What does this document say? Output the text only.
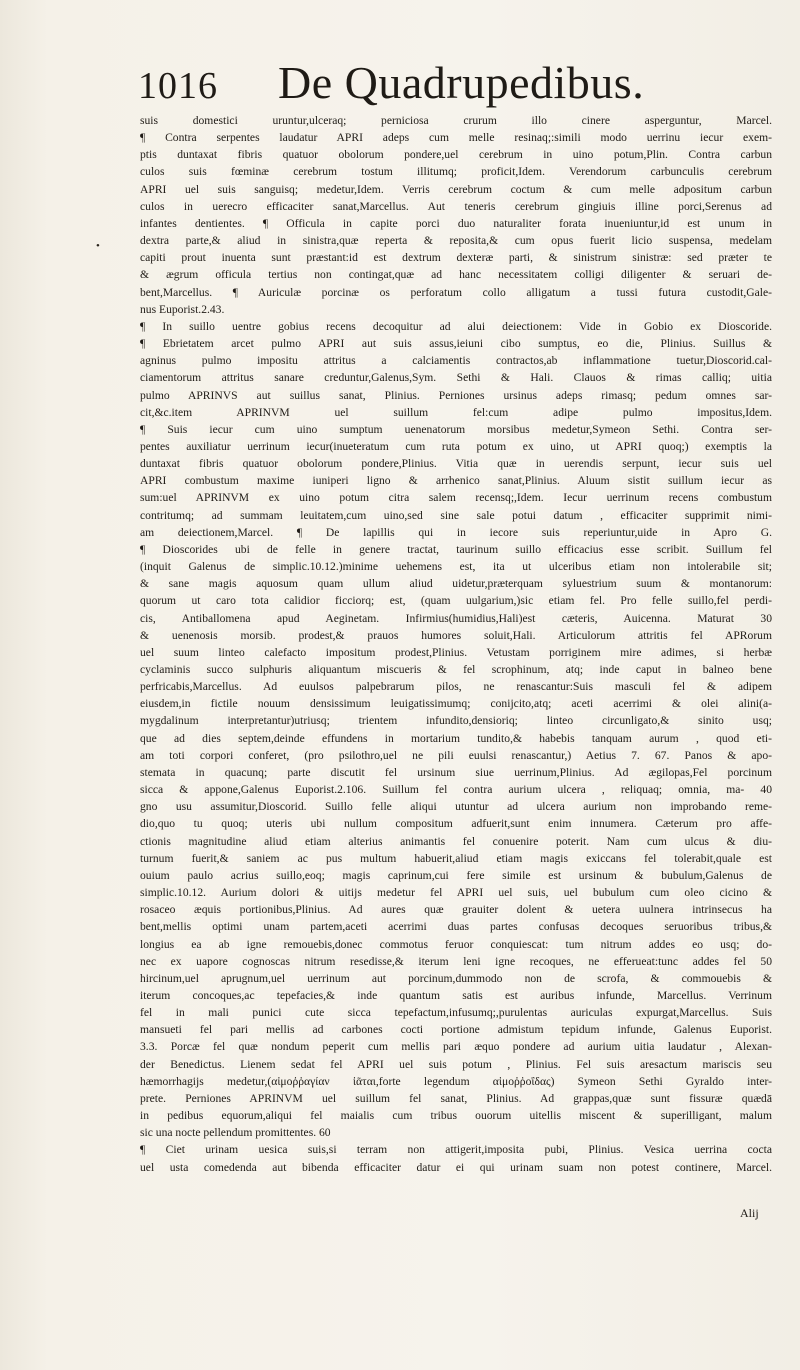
1016	De Quadrupedibus.
suis domestici uruntur,ulceraq; perniciosa crurum illo cinere asperguntur, Marcel.
¶ Contra serpentes laudatur APRI adeps cum melle resinaq;:simili modo uerrinu iecur exem-
ptis duntaxat fibris quatuor obolorum pondere,uel cerebrum in uino potum,Plin. Contra carbun
culos suis fœminæ cerebrum tostum illitumq; proficit,Idem. Verendorum carbunculis cerebrum
APRI uel suis sanguisq; medetur,Idem. Verris cerebrum coctum & cum melle adpositum carbun
culos in uerecro efficaciter sanat,Marcellus. Aut teneris cerebrum gingiuis illine porci,Serenus ad
infantes dentientes. ¶ Officula in capite porci duo naturaliter forata inueniuntur,id est unum in
dextra parte,& aliud in sinistra,quæ reperta & reposita,& cum opus fuerit licio suspensa, medelam
capiti prout inuenta sunt præstant:id est dextrum dexteræ parti, & sinistrum sinistræ: sed præter te
& ægrum officula tertius non contingat,quæ ad hanc necessitatem colligi diligenter & seruari de-
bent,Marcellus. ¶ Auriculæ porcinæ os perforatum collo alligatum a tussi futura custodit,Gale-
nus Euporist.2.43.
¶ In suillo uentre gobius recens decoquitur ad alui deiectionem: Vide in Gobio ex Dioscoride.
¶ Ebrietatem arcet pulmo APRI aut suis assus,ieiuni cibo sumptus, eo die, Plinius. Suillus &
agninus pulmo impositu attritus a calciamentis contractos,ab inflammatione tuetur,Dioscorid.cal-
ciamentorum attritus sanare creduntur,Galenus,Sym. Sethi & Hali. Clauos & rimas calliq; uitia
pulmo APRINVS aut suillus sanat, Plinius. Perniones ursinus adeps rimasq; pedum omnes sar-
cit,&c.item APRINVM uel suillum fel:cum adipe pulmo impositus,Idem.
¶ Suis iecur cum uino sumptum uenenatorum morsibus medetur,Symeon Sethi. Contra ser-
pentes auxiliatur uerrinum iecur(inueteratum cum ruta potum ex uino, ut APRI quoq;) exemptis la
duntaxat fibris quatuor obolorum pondere,Plinius. Vitia quæ in uerendis serpunt, iecur suis uel
APRI combustum maxime iuniperi ligno & arrhenico sanat,Plinius. Aluum sistit suillum iecur as
sum:uel APRINVM ex uino potum citra salem recensq;,Idem. Iecur uerrinum recens combustum
contritumq; ad summam leuitatem,cum uino,sed sine sale potui datum , efficaciter supprimit nimi-
am deiectionem,Marcel. ¶ De lapillis qui in iecore suis reperiuntur,uide in Apro G.
¶ Dioscorides ubi de felle in genere tractat, taurinum suillo efficacius esse scribit. Suillum fel
(inquit Galenus de simplic.10.12.)minime uehemens est, ita ut ulceribus etiam non intolerabile sit;
& sane magis aquosum quam ullum aliud uidetur,præterquam syluestrium suum & montanorum:
quorum ut caro tota calidior ficciorq; est, (quam uulgarium,)sic etiam fel. Pro felle suillo,fel perdi-
cis, Antiballomena apud Aeginetam. Infirmius(humidius,Hali)est cæteris, Auicenna. Maturat 30
& uenenosis morsib. prodest,& prauos humores soluit,Hali. Articulorum attritis fel APRorum
uel suum linteo calefacto impositum prodest,Plinius. Vetustam porriginem mire adimes, si herbæ
cyclaminis succo sulphuris aliquantum miscueris & fel scrophinum, atq; inde caput in balneo bene
perfricabis,Marcellus. Ad euulsos palpebrarum pilos, ne renascantur:Suis masculi fel & adipem
eiusdem,in fictile nouum densissimum leuigatissimumq; conijcito,atq; aceti acerrimi & olei alini(a-
mygdalinum interpretantur)utriusq; trientem infundito,densioriq; linteo circunligato,& sinito usq;
que ad dies septem,deinde effundens in mortarium tundito,& habebis tanquam aurum , quod eti-
am toti corpori conferet, (pro psilothro,uel ne pili euulsi renascantur,) Aetius 7. 67. Panos & apo-
stemata in quacunq; parte discutit fel ursinum siue uerrinum,Plinius. Ad ægilopas,Fel porcinum
sicca & appone,Galenus Euporist.2.106. Suillum fel contra aurium ulcera , reliquaq; omnia, ma- 40
gno usu assumitur,Dioscorid. Suillo felle aliqui utuntur ad ulcera aurium non improbando reme-
dio,quo tu quoq; uteris ubi nullum compositum adfuerit,sunt enim innumera. Cæterum pro affe-
ctionis magnitudine aliud etiam alterius animantis fel conuenire poterit. Nam cum ulcus & diu-
turnum fuerit,& saniem ac pus multum habuerit,aliud etiam magis exiccans fel tolerabit,quale est
ouium paulo acrius suillo,eoq; magis caprinum,cui fere simile est ursinum & bubulum,Galenus de
simplic.10.12. Aurium dolori & uitijs medetur fel APRI uel suis, uel bubulum cum oleo cicino &
rosaceo æquis portionibus,Plinius. Ad aures quæ grauiter dolent & uetera uulnera intrinsecus ha
bent,mellis optimi unam partem,aceti acerrimi duas partes confusas decoques seruoribus tribus,&
longius ea ab igne remouebis,donec commotus feruor conquiescat: tum nitrum addes eo usq; do-
nec ex uapore cognoscas nitrum resedisse,& iterum leni igne recoques, ne efferueat:tunc addes fel 50
hircinum,uel aprugnum,uel uerrinum aut porcinum,dummodo non de scrofa, & commouebis &
iterum concoques,ac tepefacies,& inde quantum satis est auribus infunde, Marcellus. Verrinum
fel in mali punici cute sicca tepefactum,infusumq;,purulentas auriculas expurgat,Marcellus. Suis
mansueti fel pari mellis ad carbones cocti portione admistum tepidum infunde, Galenus Euporist.
3.3. Porcæ fel quæ nondum peperit cum mellis pari æquo pondere ad aurium uitia laudatur , Alexan-
der Benedictus. Lienem sedat fel APRI uel suis potum , Plinius. Fel suis aresactum mariscis seu
hæmorrhagijs medetur,(αἱμοῤῥαγίαν ἰᾶται,forte legendum αἱμοῤῥοΐδας) Symeon Sethi Gyraldo inter-
prete. Perniones APRINVM uel suillum fel sanat, Plinius. Ad grappas,quæ sunt fissuræ quædā
in pedibus equorum,aliqui fel maialis cum tribus ouorum uitellis miscent & superilligant, malum
sic una nocte pellendum promittentes. 60
¶ Ciet urinam uesica suis,si terram non attigerit,imposita pubi, Plinius. Vesica uerrina cocta
uel usta comedenda aut bibenda efficaciter datur ei qui urinam suam non potest continere, Marcel.
•
Alij
